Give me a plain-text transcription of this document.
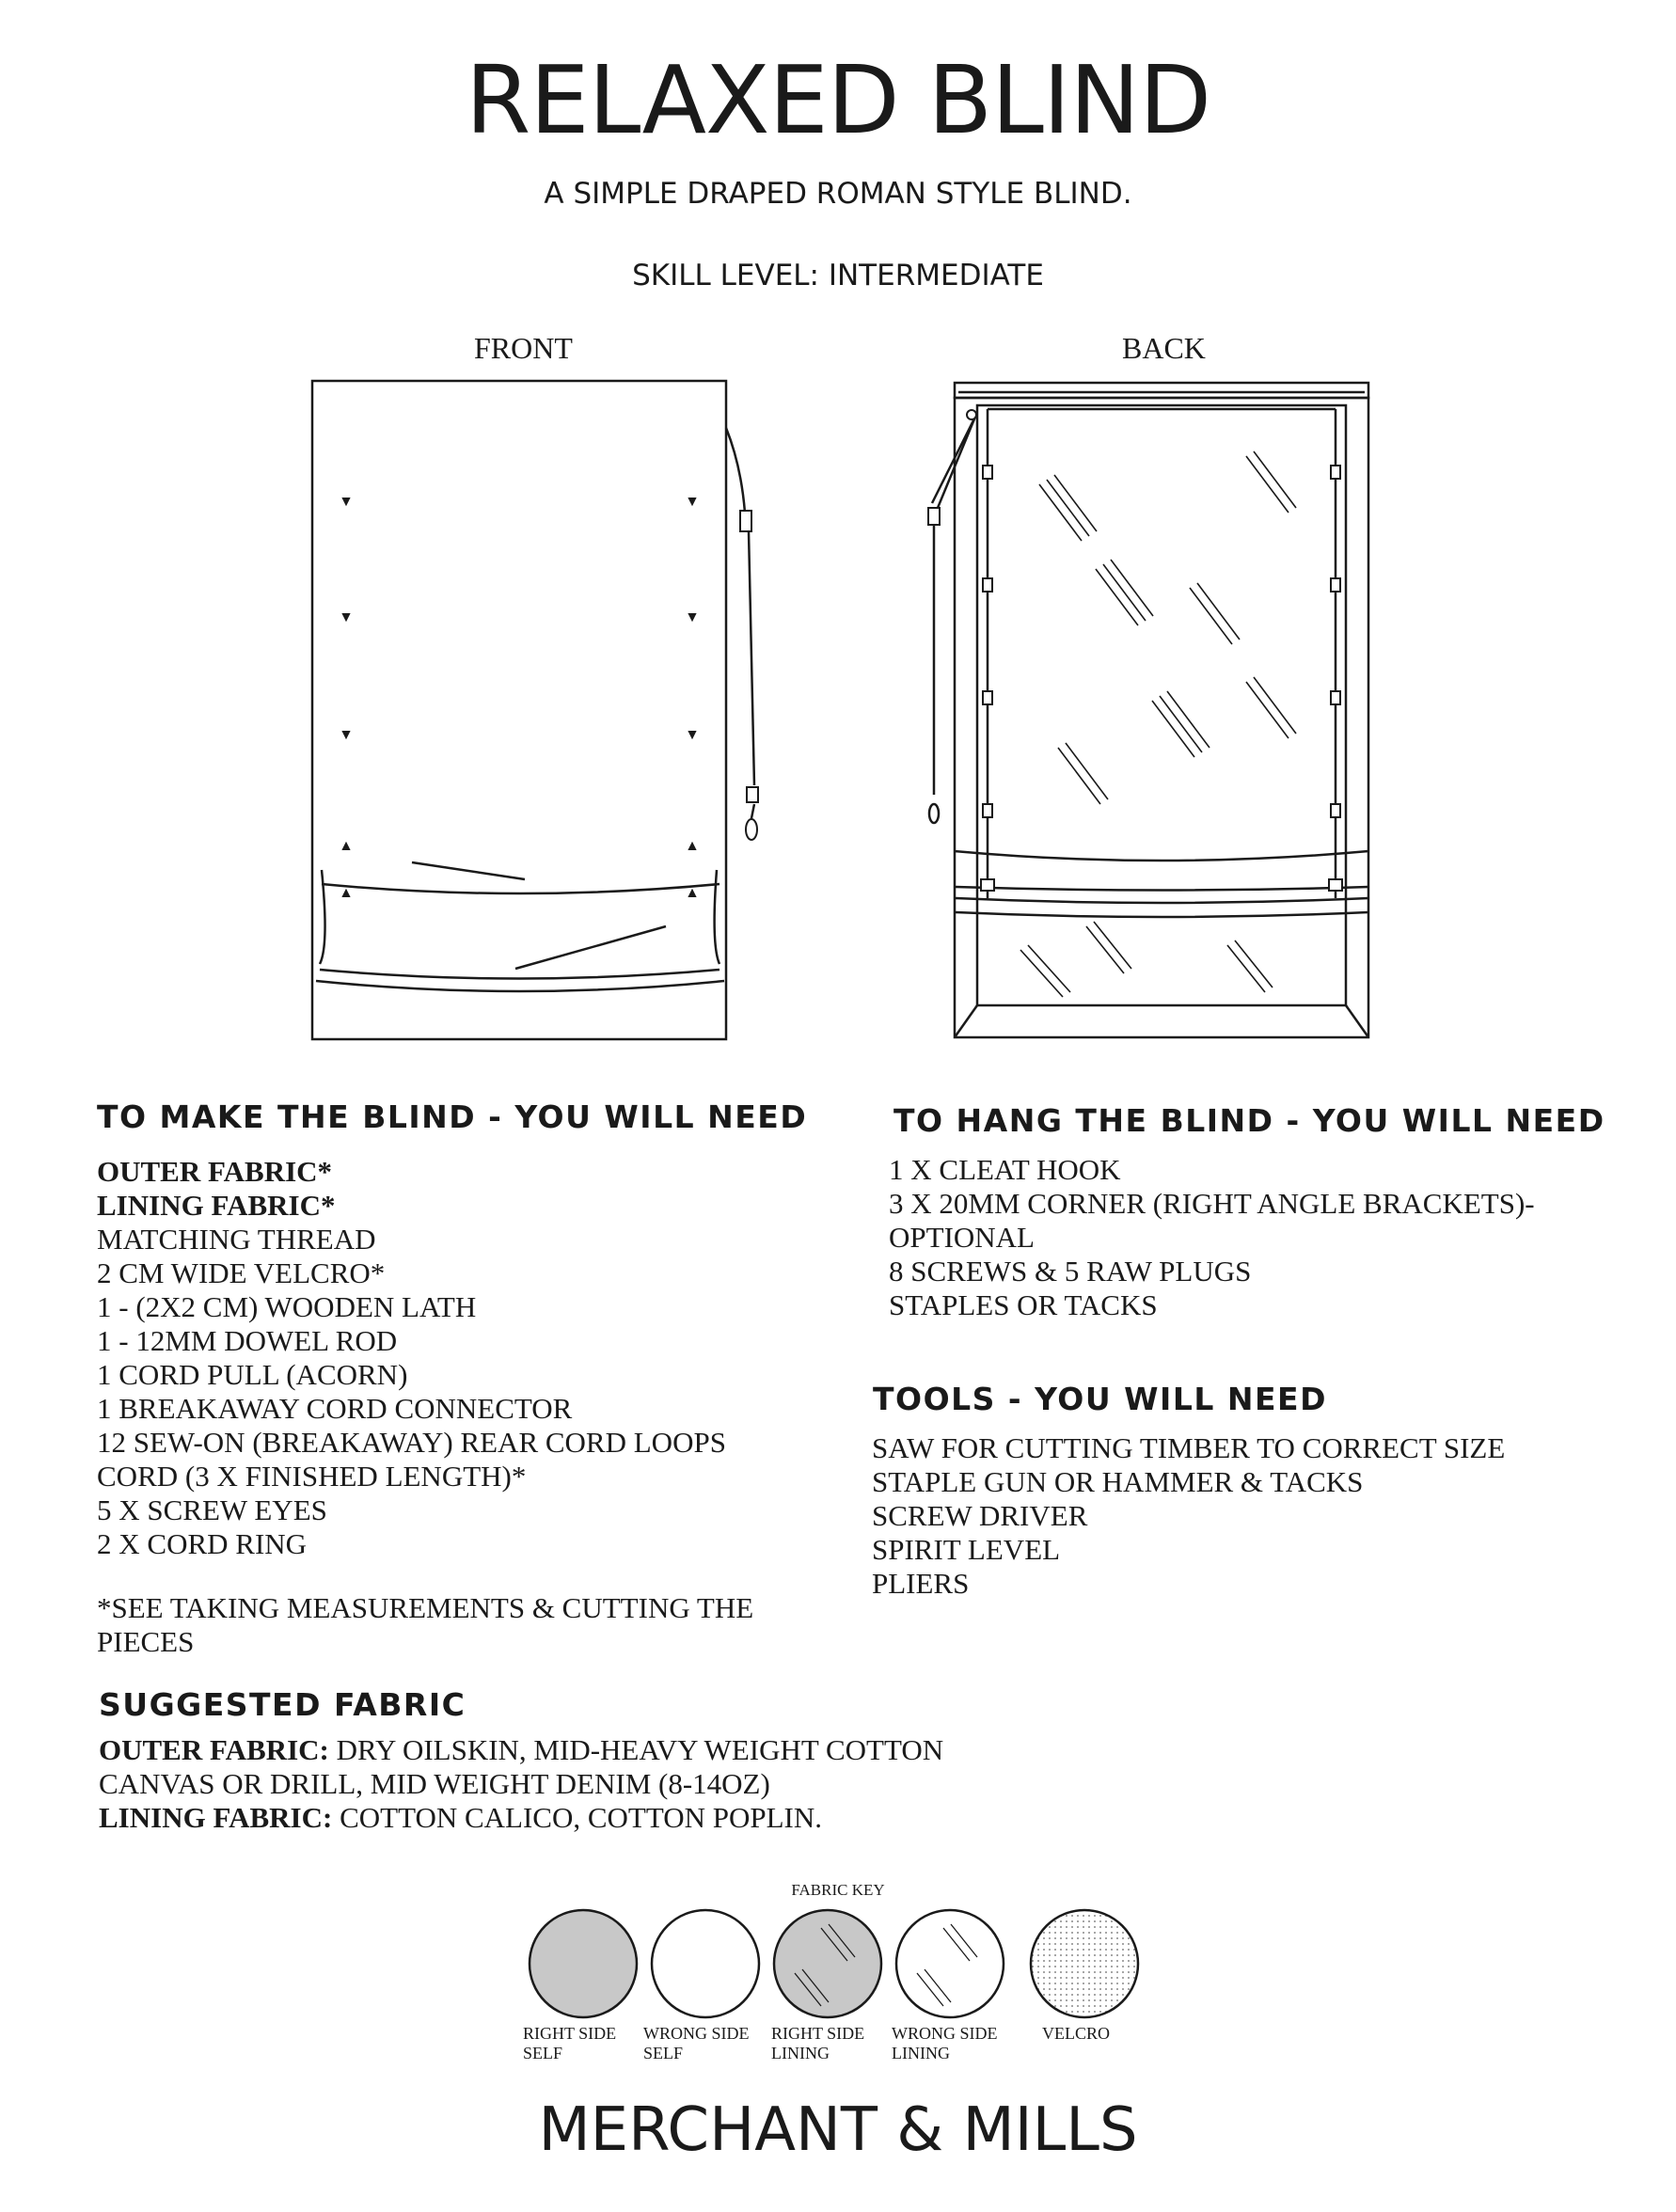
RELAXED BLIND
A SIMPLE DRAPED ROMAN STYLE BLIND.
SKILL LEVEL: INTERMEDIATE
FRONT	BACK
TO MAKE THE BLIND - YOU WILL NEED
OUTER FABRIC*
LINING FABRIC*
MATCHING THREAD
2 CM WIDE VELCRO*
1 - (2X2 CM) WOODEN LATH
1 - 12MM DOWEL ROD
1 CORD PULL (ACORN)
1 BREAKAWAY CORD CONNECTOR
12 SEW-ON (BREAKAWAY) REAR CORD LOOPS
CORD (3 X FINISHED LENGTH)*
5 X SCREW EYES
2 X CORD RING
*SEE TAKING MEASUREMENTS & CUTTING THE
PIECES
TO HANG THE BLIND - YOU WILL NEED
1 X CLEAT HOOK
3 X 20MM CORNER (RIGHT ANGLE BRACKETS)-
OPTIONAL
8 SCREWS & 5 RAW PLUGS
STAPLES OR TACKS
TOOLS - YOU WILL NEED
SAW FOR CUTTING TIMBER TO CORRECT SIZE
STAPLE GUN OR HAMMER & TACKS
SCREW DRIVER
SPIRIT LEVEL
PLIERS
SUGGESTED FABRIC
OUTER FABRIC: DRY OILSKIN, MID-HEAVY WEIGHT COTTON
CANVAS OR DRILL, MID WEIGHT DENIM (8-14OZ)
LINING FABRIC: COTTON CALICO, COTTON POPLIN.
FABRIC KEY
RIGHT SIDE
SELF
WRONG SIDE
SELF
RIGHT SIDE
LINING
WRONG SIDE
LINING
VELCRO
MERCHANT & MILLS
